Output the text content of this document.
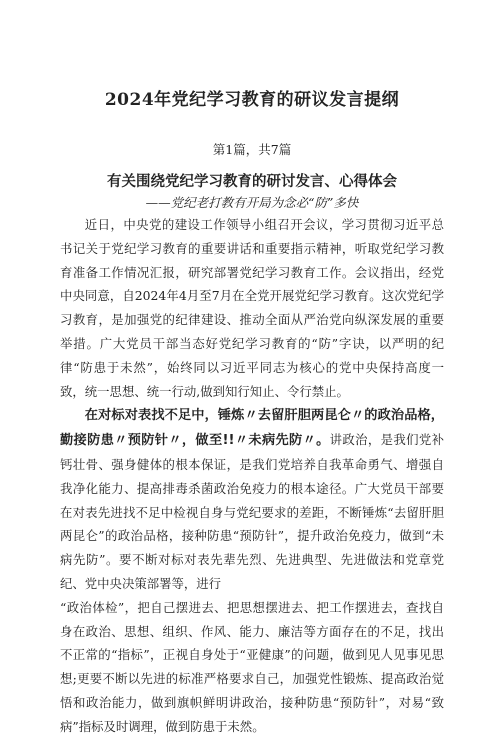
2024年党纪学习教育的研议发言提纲
第1篇，共7篇
有关围绕党纪学习教育的研讨发言、心得体会
——党纪老打教有开局为念必“防”多快

近日，中央党的建设工作领导小组召开会议，学习贯彻习近平总书记关于党纪学习教育的重要讲话和重要指示精神，听取党纪学习教育准备工作情况汇报，研究部署党纪学习教育工作。会议指出，经党中央同意，自2024年4月至7月在全党开展党纪学习教育。这次党纪学习教育，是加强党的纪律建设、推动全面从严治党向纵深发展的重要举措。广大党员干部当态好党纪学习教育的“防”字诀，以严明的纪律“防患于未然”，始终同以习近平同志为核心的党中央保持高度一致，统一思想、统一行动,做到知行知止、令行禁止。

在对标对表找不足中，锤炼〃去留肝胆两昆仑〃的政治品格，勤接防患〃预防针〃，做至!!〃未病先防〃。讲政治，是我们党补钙壮骨、强身健体的根本保证，是我们党培养自我革命勇气、增强自我净化能力、提高排毒杀菌政治免疫力的根本途径。广大党员干部要在对表先进找不足中检视自身与党纪要求的差距，不断锤炼“去留肝胆两昆仑”的政治品格，接种防患“预防针”，提升政治免疫力，做到“未病先防”。要不断对标对表先辈先烈、先进典型、先进做法和党章党纪、党中央决策部署等，进行

“政治体检”，把自己摆进去、把思想摆进去、把工作摆进去，查找自身在政治、思想、组织、作风、能力、廉洁等方面存在的不足，找出不正常的“指标”，正视自身处于“亚健康”的问题，做到见人见事见思想;更要不断以先进的标准严格要求自己，加强党性锻炼、提高政治觉悟和政治能力，做到旗帜鲜明讲政治，接种防患“预防针”，对易“致病”指标及时调理，做到防患于未然。
